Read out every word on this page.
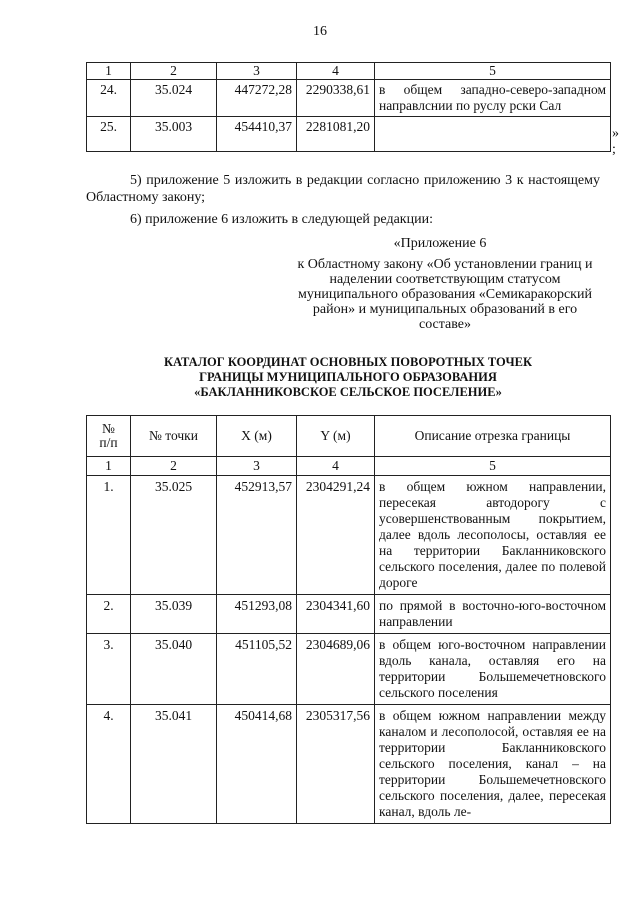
16
1	2	3	4	5
24.	35.024	447272,28	2290338,61	в общем западно-северо-западном направлснии по руслу рски Сал
25.	35.003	454410,37	2281081,20		»
;
5) приложение 5 изложить в редакции согласно приложению 3 к настоящему Областному закону;
6) приложение 6 изложить в следующей редакции:
«Приложение 6
к Областному закону «Об установлении границ и наделении соответствующим статусом муниципального образования «Семикаракорский район» и муниципальных образований в его составе»
КАТАЛОГ КООРДИНАТ ОСНОВНЫХ ПОВОРОТНЫХ ТОЧЕК
ГРАНИЦЫ МУНИЦИПАЛЬНОГО ОБРАЗОВАНИЯ
«БАКЛАННИКОВСКОЕ СЕЛЬСКОЕ ПОСЕЛЕНИЕ»
№
п/п	№ точки	X (м)	Y (м)	Описание отрезка границы
1	2	3	4	5
1.	35.025	452913,57	2304291,24	в общем южном направлении, пересекая автодорогу с усовершенствованным покрытием, далее вдоль лесополосы, оставляя ее на территории Бакланниковского сельского поселения, далее по полевой дороге
2.	35.039	451293,08	2304341,60	по прямой в восточно-юго-восточном направлении
3.	35.040	451105,52	2304689,06	в общем юго-восточном направлении вдоль канала, оставляя его на территории Большемечетновского сельского поселения
4.	35.041	450414,68	2305317,56	в общем южном направлении между каналом и лесополосой, оставляя ее на территории Бакланниковского сельского поселения, канал – на территории Большемечетновского сельского поселения, далее, пересекая канал, вдоль ле-
